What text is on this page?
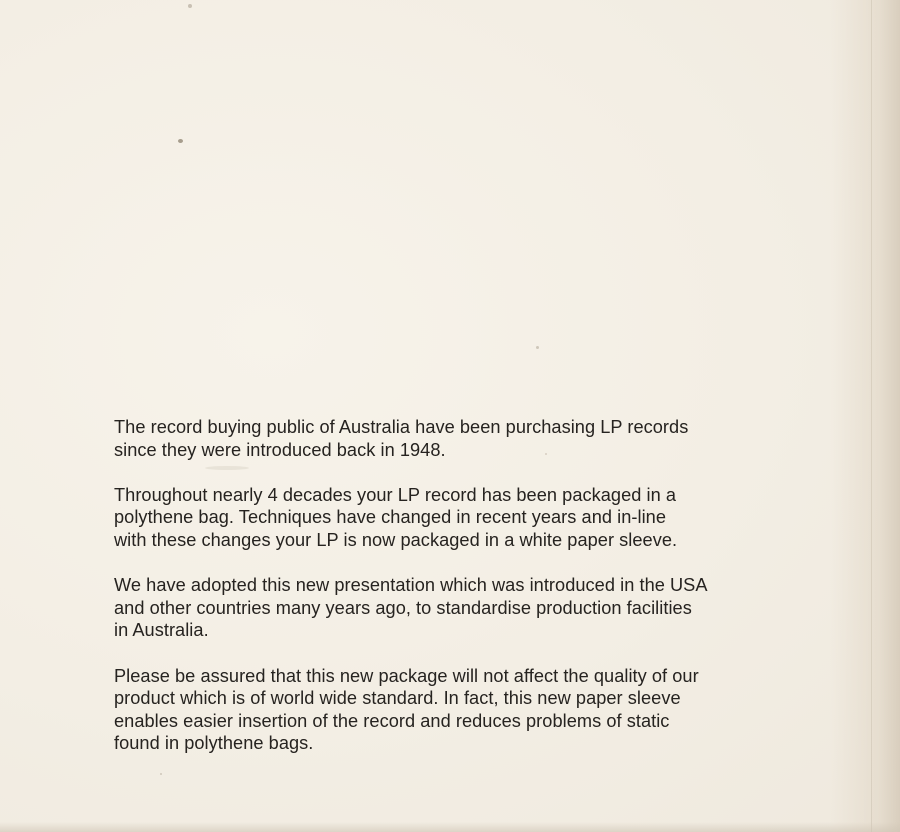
The record buying public of Australia have been purchasing LP records
since they were introduced back in 1948.

Throughout nearly 4 decades your LP record has been packaged in a
polythene bag. Techniques have changed in recent years and in-line
with these changes your LP is now packaged in a white paper sleeve.

We have adopted this new presentation which was introduced in the USA
and other countries many years ago, to standardise production facilities
in Australia.

Please be assured that this new package will not affect the quality of our
product which is of world wide standard. In fact, this new paper sleeve
enables easier insertion of the record and reduces problems of static
found in polythene bags.
